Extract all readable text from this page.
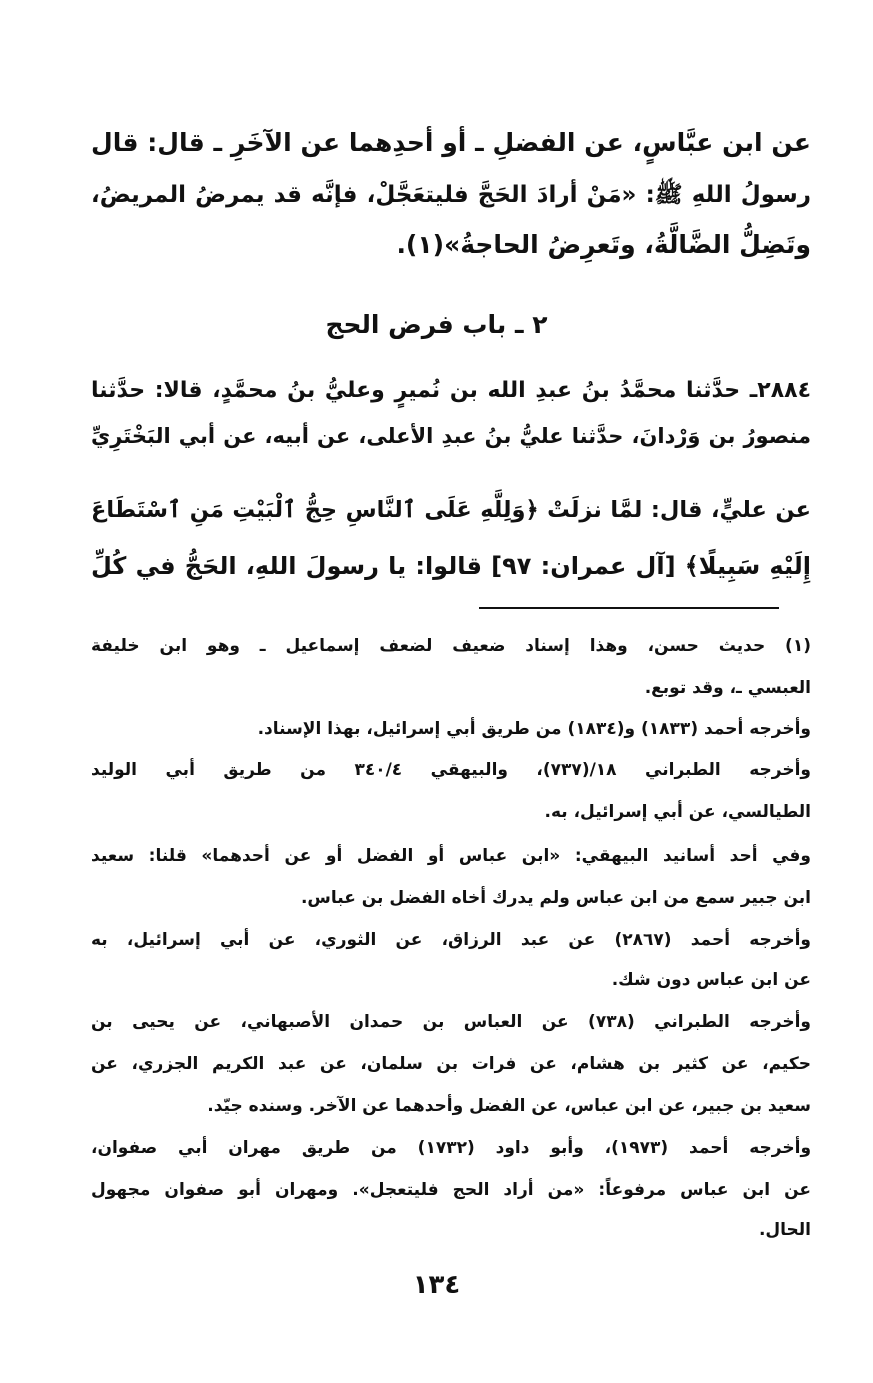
عن ابن عبَّاسٍ، عن الفضلِ ـ أو أحدِهما عن الآخَرِ ـ قال: قال

رسولُ اللهِ ﷺ: «مَنْ أرادَ الحَجَّ فليتعَجَّلْ، فإنَّه قد يمرضُ المريضُ،

وتَضِلُّ الضَّالَّةُ، وتَعرِضُ الحاجةُ»(١).

٢ ـ باب فرض الحج

٢٨٨٤ـ حدَّثنا محمَّدُ بنُ عبدِ الله بن نُميرٍ وعليُّ بنُ محمَّدٍ، قالا: حدَّثنا

منصورُ بن وَرْدانَ، حدَّثنا عليُّ بنُ عبدِ الأعلى، عن أبيه، عن أبي البَخْتَرِيِّ

عن عليٍّ، قال: لمَّا نزلَتْ ﴿وَلِلَّهِ عَلَى ٱلنَّاسِ حِجُّ ٱلْبَيْتِ مَنِ ٱسْتَطَاعَ

إِلَيْهِ سَبِيلًا﴾ [آل عمران: ٩٧] قالوا: يا رسولَ اللهِ، الحَجُّ في كُلِّ

(١) حديث حسن، وهذا إسناد ضعيف لضعف إسماعيل ـ وهو ابن خليفة

العبسي ـ، وقد توبع.

وأخرجه أحمد (١٨٣٣) و(١٨٣٤) من طريق أبي إسرائيل، بهذا الإسناد.

وأخرجه الطبراني ١٨/(٧٣٧)، والبيهقي ٣٤٠/٤ من طريق أبي الوليد

الطيالسي، عن أبي إسرائيل، به.

وفي أحد أسانيد البيهقي: «ابن عباس أو الفضل أو عن أحدهما» قلنا: سعيد

ابن جبير سمع من ابن عباس ولم يدرك أخاه الفضل بن عباس.

وأخرجه أحمد (٢٨٦٧) عن عبد الرزاق، عن الثوري، عن أبي إسرائيل، به

عن ابن عباس دون شك.

وأخرجه الطبراني (٧٣٨) عن العباس بن حمدان الأصبهاني، عن يحيى بن

حكيم، عن كثير بن هشام، عن فرات بن سلمان، عن عبد الكريم الجزري، عن

سعيد بن جبير، عن ابن عباس، عن الفضل وأحدهما عن الآخر. وسنده جيّد.

وأخرجه أحمد (١٩٧٣)، وأبو داود (١٧٣٢) من طريق مهران أبي صفوان،

عن ابن عباس مرفوعاً: «من أراد الحج فليتعجل». ومهران أبو صفوان مجهول

الحال.

١٣٤
